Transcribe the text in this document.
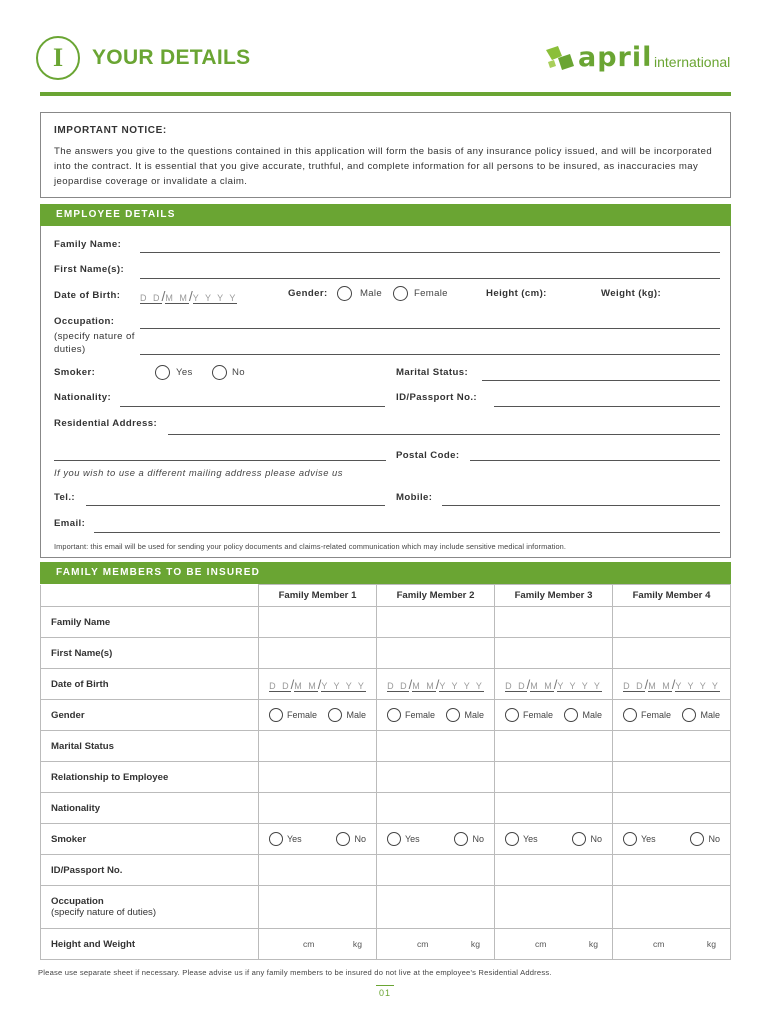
I	YOUR DETAILS	april international
IMPORTANT NOTICE:
The answers you give to the questions contained in this application will form the basis of any insurance policy issued, and will be incorporated into the contract. It is essential that you give accurate, truthful, and complete information for all persons to be insured, as inaccuracies may jeopardise coverage or invalidate a claim.
EMPLOYEE DETAILS
Family Name:
First Name(s):
Date of Birth: D D/M M/Y Y Y Y	Gender:	Male	Female	Height (cm):	Weight (kg):
Occupation:
(specify nature of duties)
Smoker:	Yes	No	Marital Status:
Nationality:	ID/Passport No.:
Residential Address:
Postal Code:
If you wish to use a different mailing address please advise us
Tel.:	Mobile:
Email:
Important: this email will be used for sending your policy documents and claims-related communication which may include sensitive medical information.
FAMILY MEMBERS TO BE INSURED
	Family Member 1	Family Member 2	Family Member 3	Family Member 4
Family Name				
First Name(s)				
Date of Birth	D D/M M/Y Y Y Y	D D/M M/Y Y Y Y	D D/M M/Y Y Y Y	D D/M M/Y Y Y Y
Gender	Female Male	Female Male	Female Male	Female Male

Marital Status				
Relationship to Employee				
Nationality				
Smoker	Yes No	Yes No	Yes No	Yes No

ID/Passport No.				

Occupation
(specify nature of duties)				

Height and Weight	cm kg	cm kg	cm kg	cm kg
Please use separate sheet if necessary. Please advise us if any family members to be insured do not live at the employee's Residential Address.
01
